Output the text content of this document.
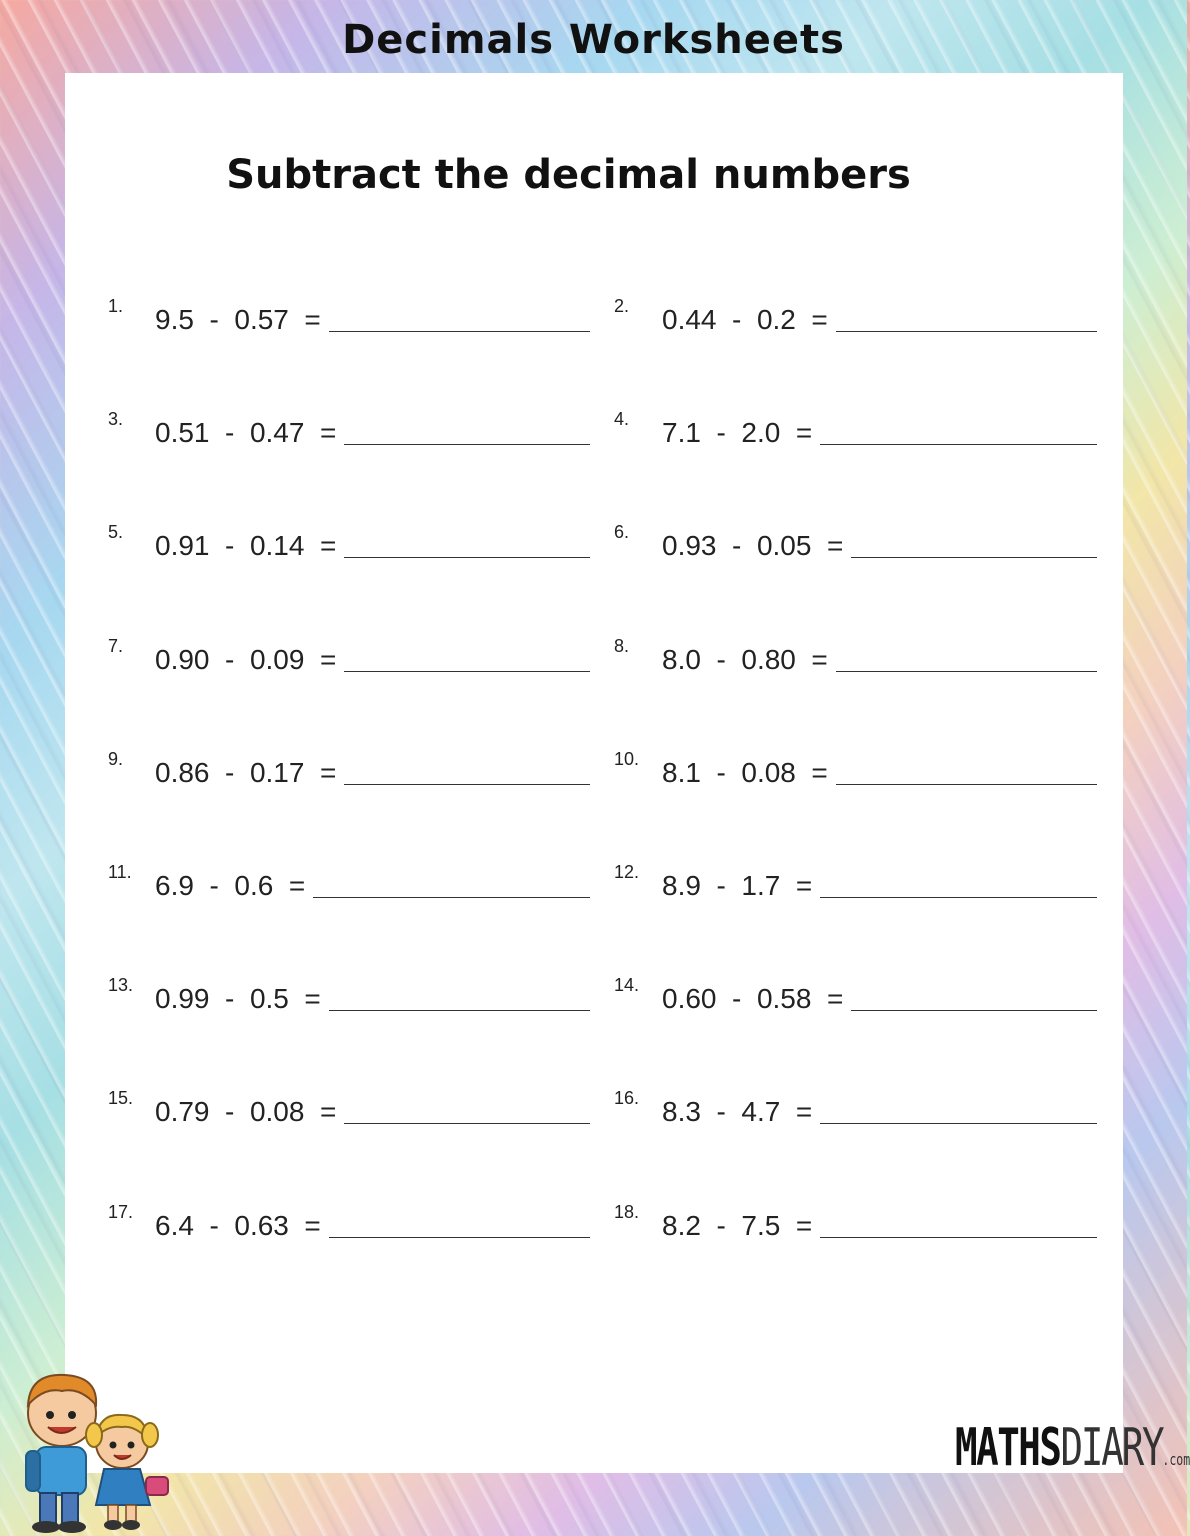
Decimals Worksheets
Subtract the decimal numbers
1. 9.5  -  0.57  =	2. 0.44  -  0.2  =
3. 0.51  -  0.47  =	4. 7.1  -  2.0  =
5. 0.91  -  0.14  =	6. 0.93  -  0.05  =
7. 0.90  -  0.09  =	8. 8.0  -  0.80  =
9. 0.86  -  0.17  =	10. 8.1  -  0.08  =
11. 6.9  -  0.6  =	12. 8.9  -  1.7  =
13. 0.99  -  0.5  =	14. 0.60  -  0.58  =
15. 0.79  -  0.08  =	16. 8.3  -  4.7  =
17. 6.4  -  0.63  =	18. 8.2  -  7.5  =
MATHSDIARY.com
